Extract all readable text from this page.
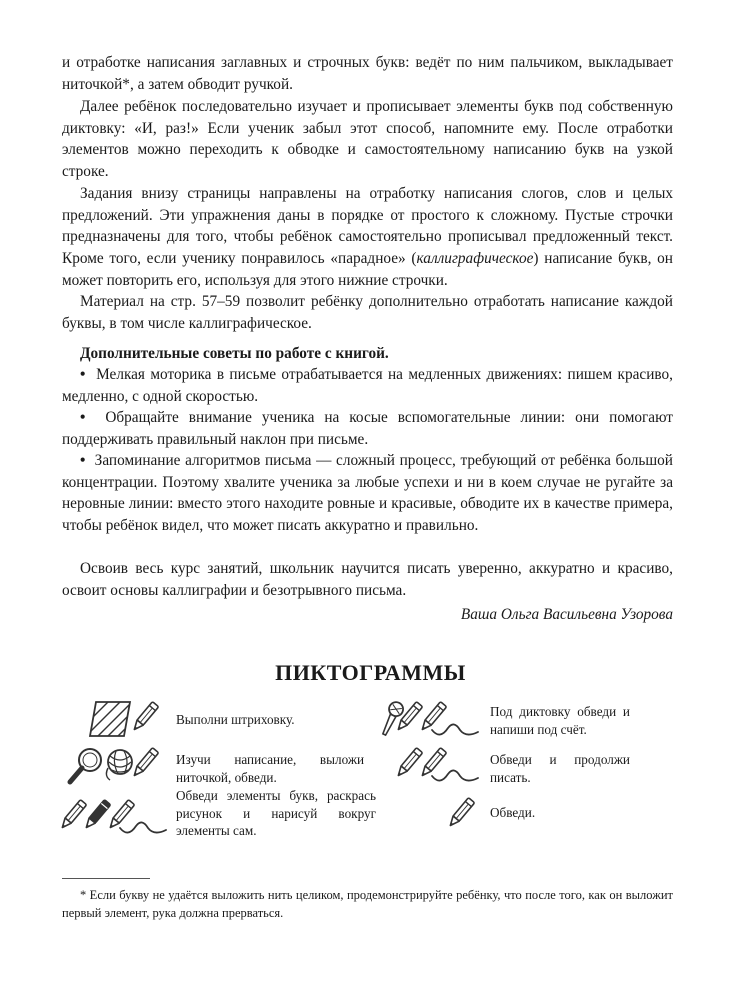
и отработке написания заглавных и строчных букв: ведёт по ним пальчиком, выкладывает ниточкой*, а затем обводит ручкой.

Далее ребёнок последовательно изучает и прописывает элементы букв под собственную диктовку: «И, раз!» Если ученик забыл этот способ, напомните ему. После отработки элементов можно переходить к обводке и самостоятельному написанию букв на узкой строке.

Задания внизу страницы направлены на отработку написания слогов, слов и целых предложений. Эти упражнения даны в порядке от простого к сложному. Пустые строчки предназначены для того, чтобы ребёнок самостоятельно прописывал предложенный текст. Кроме того, если ученику понравилось «парадное» (каллиграфическое) написание букв, он может повторить его, используя для этого нижние строчки.

Материал на стр. 57–59 позволит ребёнку дополнительно отработать написание каждой буквы, в том числе каллиграфическое.

Дополнительные советы по работе с книгой.

• Мелкая моторика в письме отрабатывается на медленных движениях: пишем красиво, медленно, с одной скоростью.

• Обращайте внимание ученика на косые вспомогательные линии: они помогают поддерживать правильный наклон при письме.

• Запоминание алгоритмов письма — сложный процесс, требующий от ребёнка большой концентрации. Поэтому хвалите ученика за любые успехи и ни в коем случае не ругайте за неровные линии: вместо этого находите ровные и красивые, обводите их в качестве примера, чтобы ребёнок видел, что может писать аккуратно и правильно.

Освоив весь курс занятий, школьник научится писать уверенно, аккуратно и красиво, освоит основы каллиграфии и безотрывного письма.

Ваша Ольга Васильевна Узорова
ПИКТОГРАММЫ

Выполни штриховку.

Изучи написание, выложи ниточкой, обведи.

Обведи элементы букв, раскрась рисунок и нарисуй вокруг элементы сам.

Под диктовку обведи и напиши под счёт.

Обведи и продолжи писать.

Обведи.

* Если букву не удаётся выложить нить целиком, продемонстрируйте ребёнку, что после того, как он выложит первый элемент, рука должна прерваться.
